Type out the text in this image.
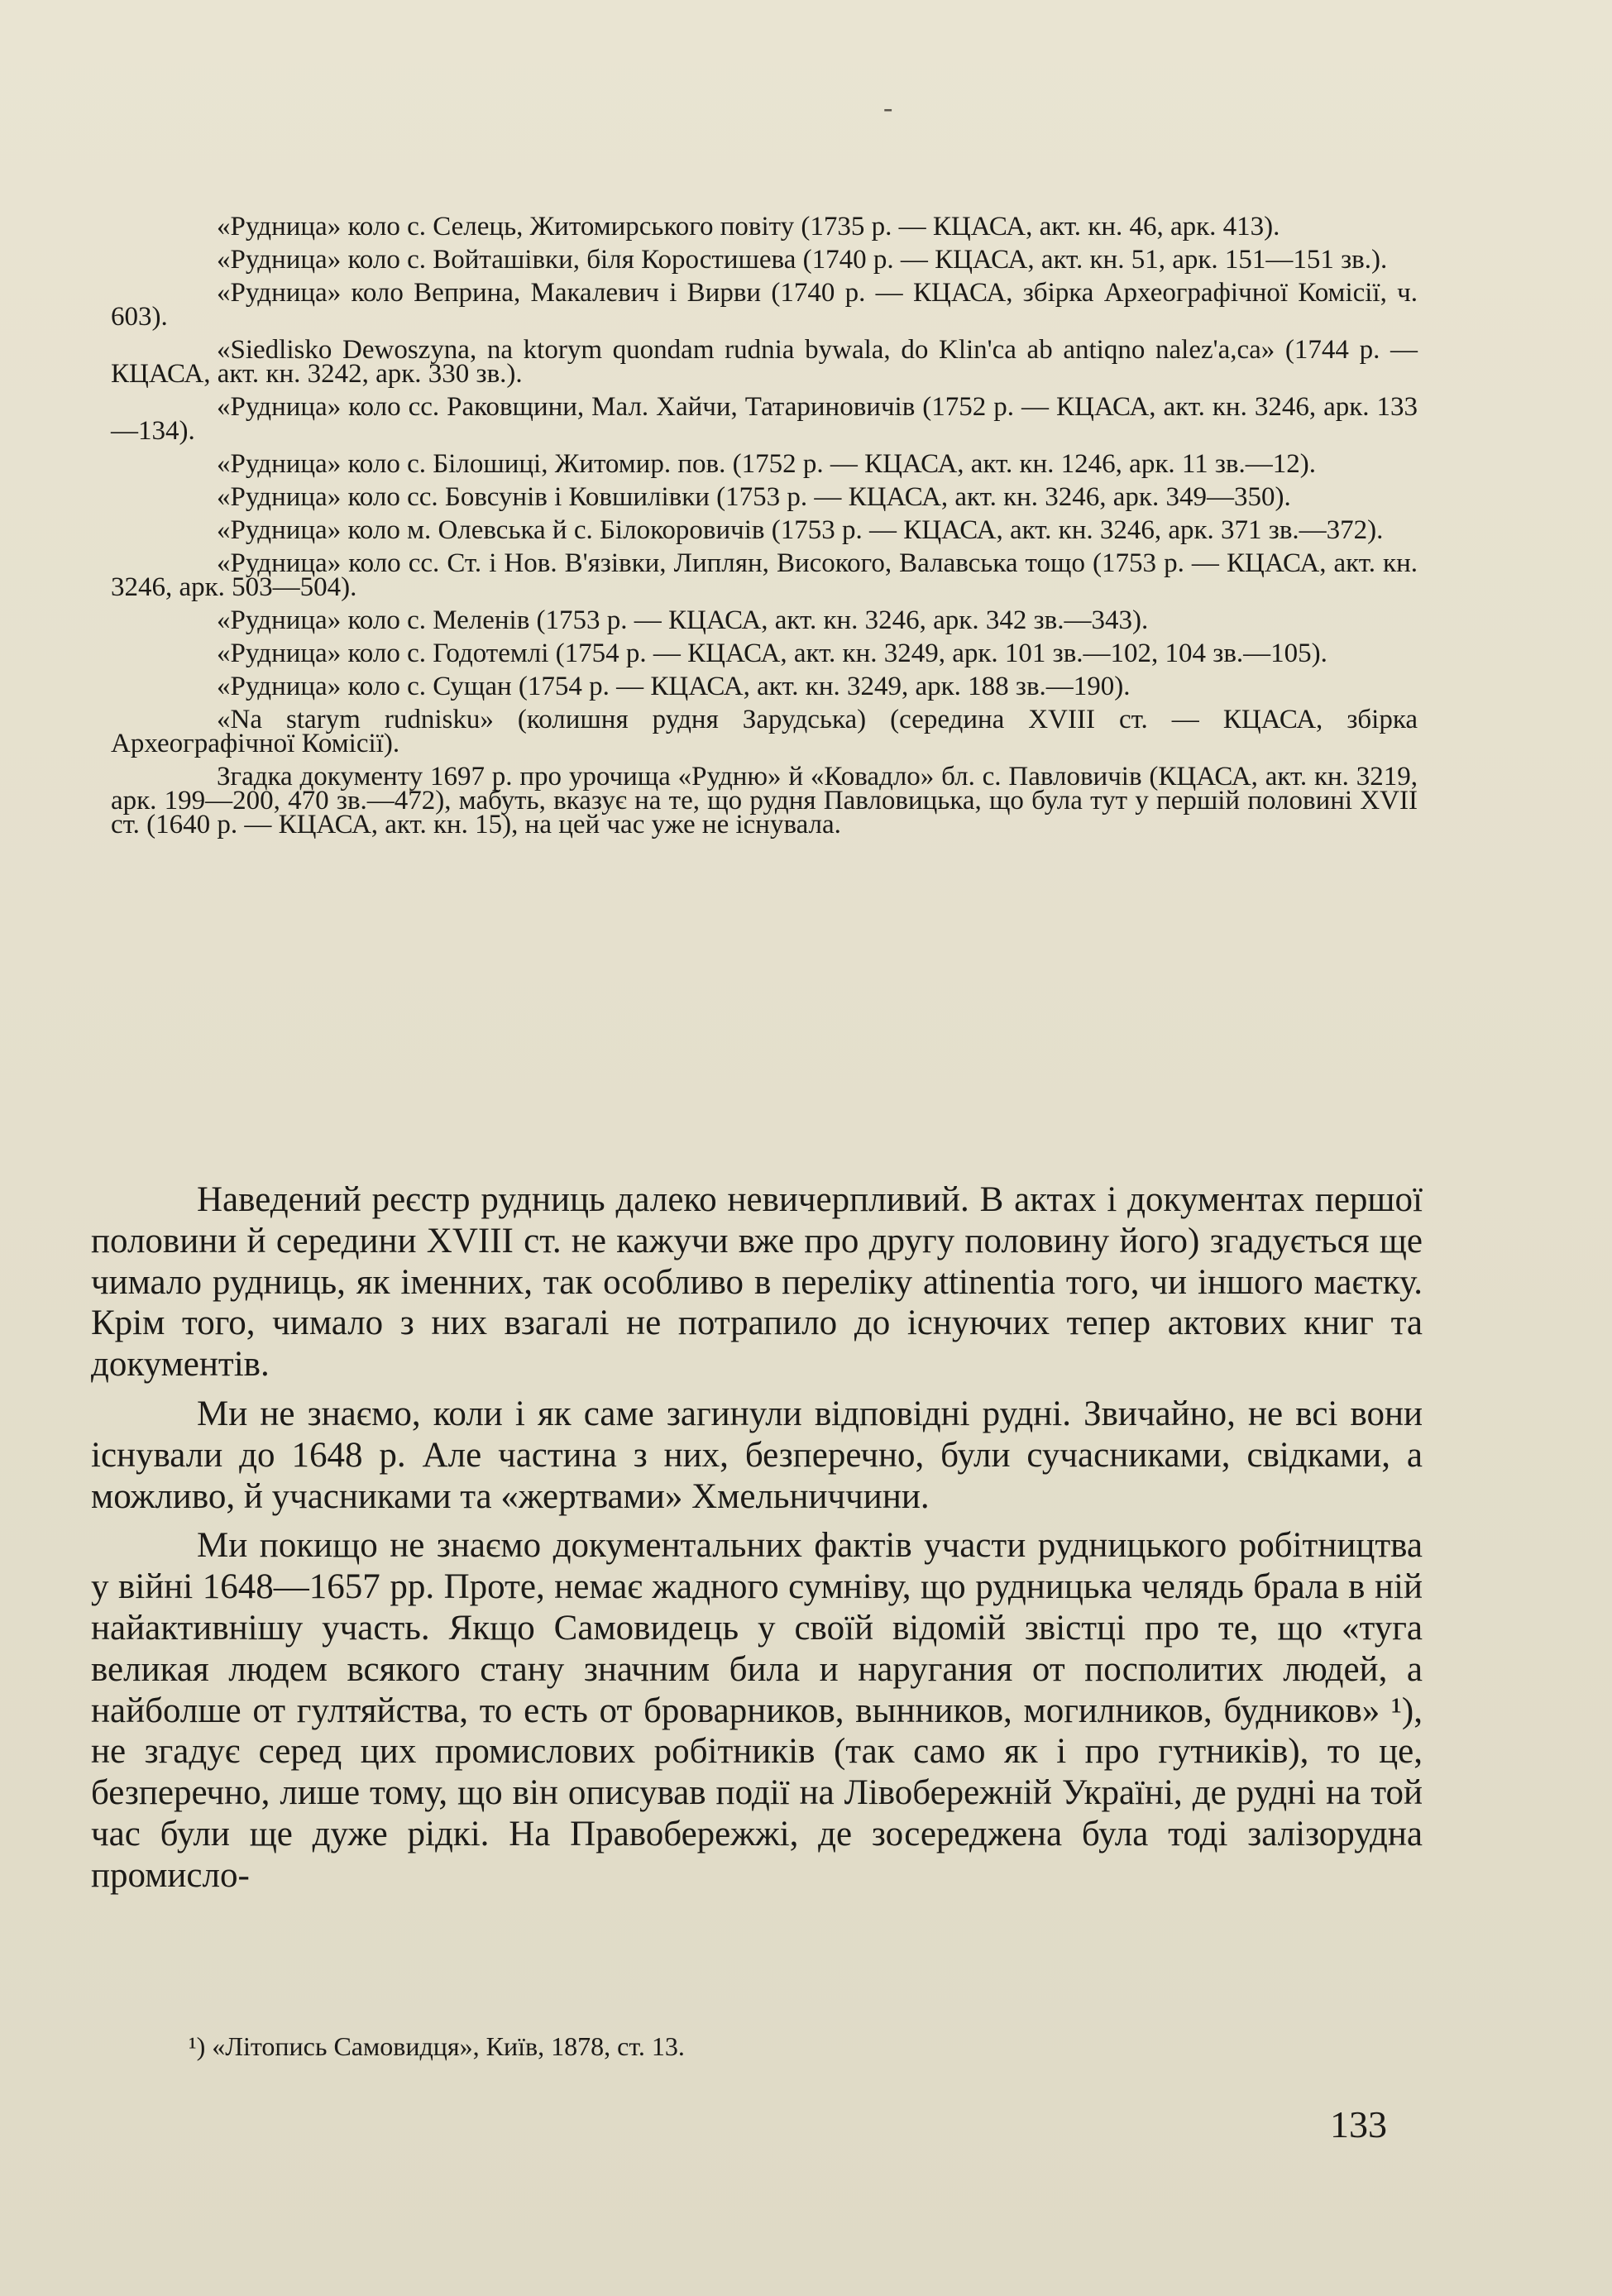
-

«Рудница» коло с. Селець, Житомирського повіту (1735 р. — КЦАСА, акт. кн. 46, арк. 413).

«Рудница» коло с. Войташівки, біля Коростишева (1740 р. — КЦАСА, акт. кн. 51, арк. 151—151 зв.).

«Рудница» коло Веприна, Макалевич і Вирви (1740 р. — КЦАСА, збірка Археографічної Комісії, ч. 603).

«Siedlisko Dewoszyna, na ktorym quondam rudnia bywala, do Klin'ca ab antiqno nalez'a,ca» (1744 р. — КЦАСА, акт. кн. 3242, арк. 330 зв.).

«Рудница» коло сс. Раковщини, Мал. Хайчи, Татариновичів (1752 р. — КЦАСА, акт. кн. 3246, арк. 133—134).

«Рудница» коло с. Білошиці, Житомир. пов. (1752 р. — КЦАСА, акт. кн. 1246, арк. 11 зв.—12).

«Рудница» коло сс. Бовсунів і Ковшилівки (1753 р. — КЦАСА, акт. кн. 3246, арк. 349—350).

«Рудница» коло м. Олевська й с. Білокоровичів (1753 р. — КЦАСА, акт. кн. 3246, арк. 371 зв.—372).

«Рудница» коло сс. Ст. і Нов. В'язівки, Липлян, Високого, Валавська тощо (1753 р. — КЦАСА, акт. кн. 3246, арк. 503—504).

«Рудница» коло с. Меленів (1753 р. — КЦАСА, акт. кн. 3246, арк. 342 зв.—343).

«Рудница» коло с. Годотемлі (1754 р. — КЦАСА, акт. кн. 3249, арк. 101 зв.—102, 104 зв.—105).

«Рудница» коло с. Сущан (1754 р. — КЦАСА, акт. кн. 3249, арк. 188 зв.—190).

«Na starym rudnisku» (колишня рудня Зарудська) (середина XVIII ст. — КЦАСА, збірка Археографічної Комісії).

Згадка документу 1697 р. про урочища «Рудню» й «Ковадло» бл. с. Павловичів (КЦАСА, акт. кн. 3219, арк. 199—200, 470 зв.—472), мабуть, вказує на те, що рудня Павловицька, що була тут у першій половині XVII ст. (1640 р. — КЦАСА, акт. кн. 15), на цей час уже не існувала.

Наведений реєстр рудниць далеко невичерпливий. В актах і документах першої половини й середини XVIII ст. не кажучи вже про другу половину його) згадується ще чимало рудниць, як іменних, так особливо в переліку attinentia того, чи іншого маєтку. Крім того, чимало з них взагалі не потрапило до існуючих тепер актових книг та документів.

Ми не знаємо, коли і як саме загинули відповідні рудні. Звичайно, не всі вони існували до 1648 р. Але частина з них, безперечно, були сучасниками, свідками, а можливо, й учасниками та «жертвами» Хмельниччини.

Ми покищо не знаємо документальних фактів участи рудницького робітництва у війні 1648—1657 рр. Проте, немає жадного сумніву, що рудницька челядь брала в ній найактивнішу участь. Якщо Самовидець у своїй відомій звістці про те, що «туга великая людем всякого стану значним била и наругания от посполитих людей, а найболше от гултяйства, то есть от броварников, вынников, могилников, будников» ¹), не згадує серед цих промислових робітників (так само як і про гутників), то це, безперечно, лише тому, що він описував події на Лівобережній Україні, де рудні на той час були ще дуже рідкі. На Правобережжі, де зосереджена була тоді залізорудна промисло-

¹) «Літопись Самовидця», Київ, 1878, ст. 13.
133
